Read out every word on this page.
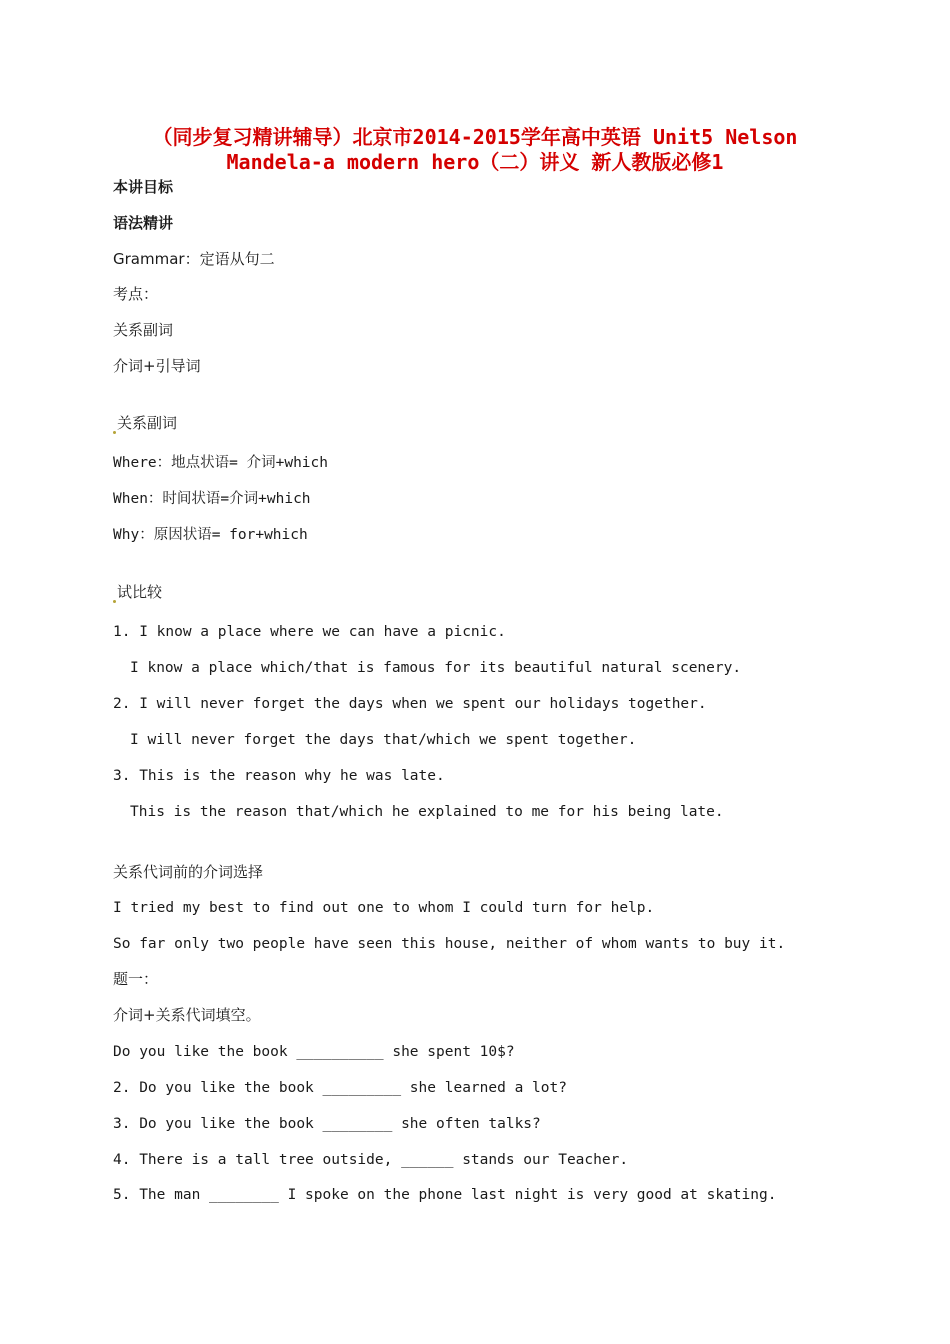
（同步复习精讲辅导）北京市2014-2015学年高中英语 Unit5 Nelson
Mandela-a modern hero（二）讲义 新人教版必修1
本讲目标
语法精讲
Grammar：定语从句二
考点：
关系副词
介词+引导词
关系副词
Where：地点状语= 介词+which
When：时间状语=介词+which
Why：原因状语= for+which
试比较
1. I know a place where we can have a picnic.
I know a place which/that is famous for its beautiful natural scenery.
2. I will never forget the days when we spent our holidays together.
I will never forget the days that/which we spent together.
3. This is the reason why he was late.
This is the reason that/which he explained to me for his being late.
关系代词前的介词选择
I tried my best to find out one to whom I could turn for help.
So far only two people have seen this house, neither of whom wants to buy it.
题一：
介词+关系代词填空。
Do you like the book __________ she spent 10$?
2. Do you like the book _________ she learned a lot?
3. Do you like the book ________ she often talks?
4. There is a tall tree outside, ______ stands our Teacher.
5. The man ________ I spoke on the phone last night is very good at skating.
